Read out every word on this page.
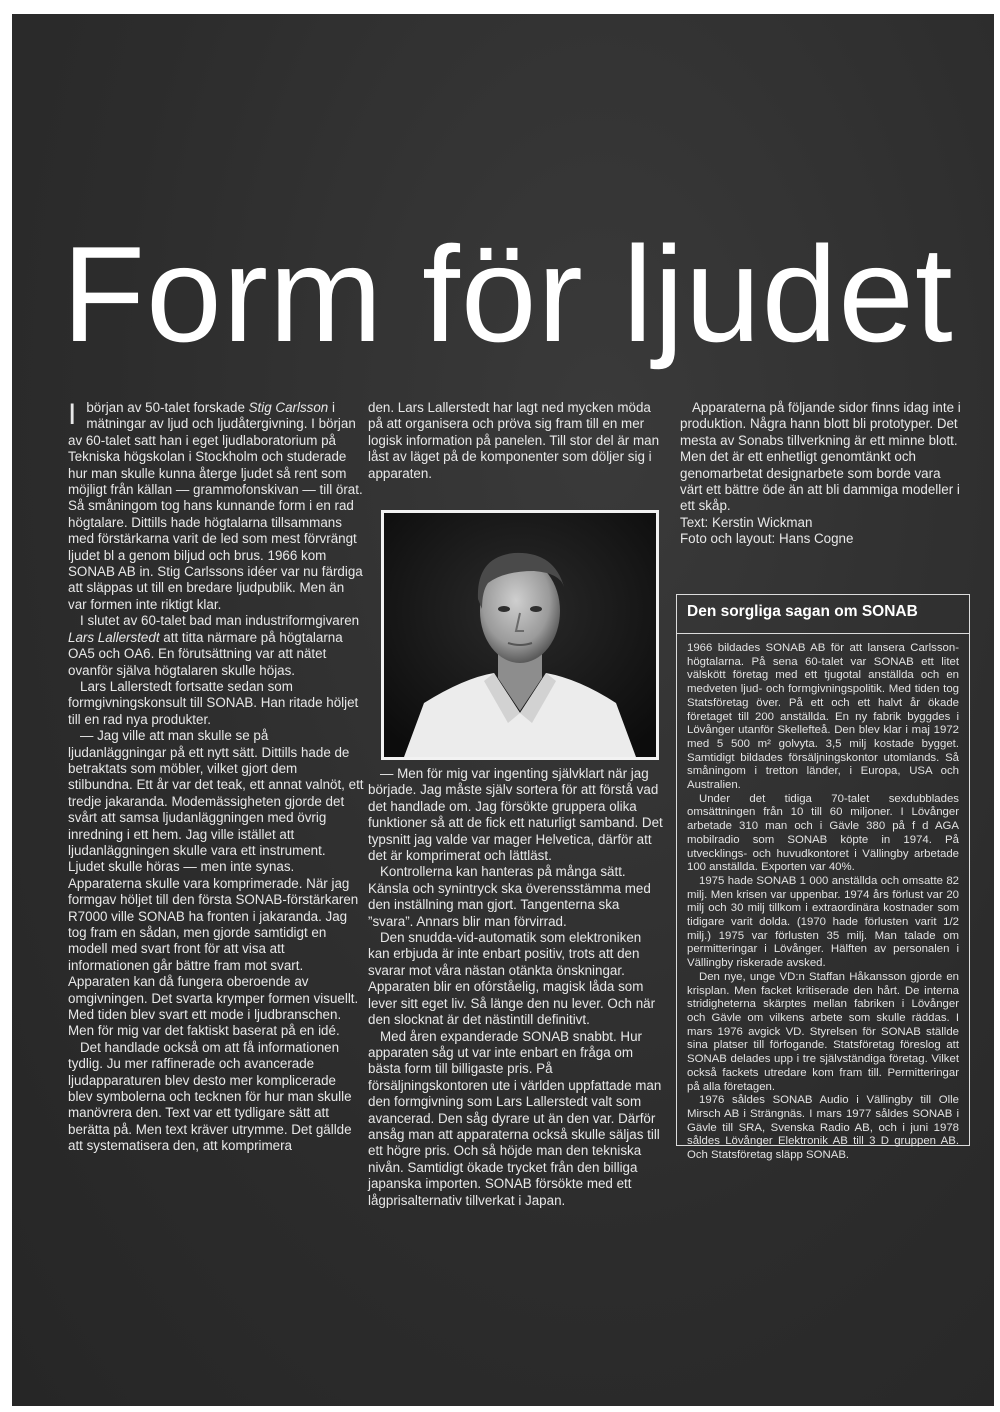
Form för ljudet

I början av 50-talet forskade Stig Carlsson i mätningar av ljud och ljudåtergivning. I början av 60-talet satt han i eget ljudlaboratorium på Tekniska högskolan i Stockholm och studerade hur man skulle kunna återge ljudet så rent som möjligt från källan — grammofonskivan — till örat. Så småningom tog hans kunnande form i en rad högtalare. Dittills hade högtalarna tillsammans med förstärkarna varit de led som mest förvrängt ljudet bl a genom biljud och brus. 1966 kom SONAB AB in. Stig Carlssons idéer var nu färdiga att släppas ut till en bredare ljudpublik. Men än var formen inte riktigt klar.

I slutet av 60-talet bad man industriformgivaren Lars Lallerstedt att titta närmare på högtalarna OA5 och OA6. En förutsättning var att nätet ovanför själva högtalaren skulle höjas.

Lars Lallerstedt fortsatte sedan som formgivningskonsult till SONAB. Han ritade höljet till en rad nya produkter.

— Jag ville att man skulle se på ljudanläggningar på ett nytt sätt. Dittills hade de betraktats som möbler, vilket gjort dem stilbundna. Ett år var det teak, ett annat valnöt, ett tredje jakaranda. Modemässigheten gjorde det svårt att samsa ljudanläggningen med övrig inredning i ett hem. Jag ville istället att ljudanläggningen skulle vara ett instrument. Ljudet skulle höras — men inte synas. Apparaterna skulle vara komprimerade. När jag formgav höljet till den första SONAB-förstärkaren R7000 ville SONAB ha fronten i jakaranda. Jag tog fram en sådan, men gjorde samtidigt en modell med svart front för att visa att informationen går bättre fram mot svart. Apparaten kan då fungera oberoende av omgivningen. Det svarta krymper formen visuellt. Med tiden blev svart ett mode i ljudbranschen. Men för mig var det faktiskt baserat på en idé.

Det handlade också om att få informationen tydlig. Ju mer raffinerade och avancerade ljudapparaturen blev desto mer komplicerade blev symbolerna och tecknen för hur man skulle manövrera den. Text var ett tydligare sätt att berätta på. Men text kräver utrymme. Det gällde att systematisera den, att komprimera

den. Lars Lallerstedt har lagt ned mycken möda på att organisera och pröva sig fram till en mer logisk information på panelen. Till stor del är man låst av läget på de komponenter som döljer sig i apparaten.

— Men för mig var ingenting självklart när jag började. Jag måste själv sortera för att förstå vad det handlade om. Jag försökte gruppera olika funktioner så att de fick ett naturligt samband. Det typsnitt jag valde var mager Helvetica, därför att det är komprimerat och lättläst.

Kontrollerna kan hanteras på många sätt. Känsla och synintryck ska överensstämma med den inställning man gjort. Tangenterna ska ”svara”. Annars blir man förvirrad.

Den snudda-vid-automatik som elektroniken kan erbjuda är inte enbart positiv, trots att den svarar mot våra nästan otänkta önskningar. Apparaten blir en ofórståelig, magisk låda som lever sitt eget liv. Så länge den nu lever. Och när den slocknat är det nästintill definitivt.

Med åren expanderade SONAB snabbt. Hur apparaten såg ut var inte enbart en fråga om bästa form till billigaste pris. På försäljningskontoren ute i världen uppfattade man den formgivning som Lars Lallerstedt valt som avancerad. Den såg dyrare ut än den var. Därför ansåg man att apparaterna också skulle säljas till ett högre pris. Och så höjde man den tekniska nivån. Samtidigt ökade trycket från den billiga japanska importen. SONAB försökte med ett lågprisalternativ tillverkat i Japan.

Apparaterna på följande sidor finns idag inte i produktion. Några hann blott bli prototyper. Det mesta av Sonabs tillverkning är ett minne blott. Men det är ett enhetligt genomtänkt och genomarbetat designarbete som borde vara värt ett bättre öde än att bli dammiga modeller i ett skåp.

Text: Kerstin Wickman

Foto och layout: Hans Cogne

Den sorgliga sagan om SONAB

1966 bildades SONAB AB för att lansera Carlsson-högtalarna. På sena 60-talet var SONAB ett litet välskött företag med ett tjugotal anställda och en medveten ljud- och formgivningspolitik. Med tiden tog Statsföretag över. På ett och ett halvt år ökade företaget till 200 anställda. En ny fabrik byggdes i Lövånger utanför Skellefteå. Den blev klar i maj 1972 med 5 500 m² golvyta. 3,5 milj kostade bygget. Samtidigt bildades försäljningskontor utomlands. Så småningom i tretton länder, i Europa, USA och Australien.

Under det tidiga 70-talet sexdubblades omsättningen från 10 till 60 miljoner. I Lövånger arbetade 310 man och i Gävle 380 på f d AGA mobilradio som SONAB köpte in 1974. På utvecklings- och huvudkontoret i Vällingby arbetade 100 anställda. Exporten var 40%.

1975 hade SONAB 1 000 anställda och omsatte 82 milj. Men krisen var uppenbar. 1974 års förlust var 20 milj och 30 milj tillkom i extraordinära kostnader som tidigare varit dolda. (1970 hade förlusten varit 1/2 milj.) 1975 var förlusten 35 milj. Man talade om permitteringar i Lövånger. Hälften av personalen i Vällingby riskerade avsked.

Den nye, unge VD:n Staffan Håkansson gjorde en krisplan. Men facket kritiserade den hårt. De interna stridigheterna skärptes mellan fabriken i Lövånger och Gävle om vilkens arbete som skulle räddas. I mars 1976 avgick VD. Styrelsen för SONAB ställde sina platser till förfogande. Statsföretag föreslog att SONAB delades upp i tre självständiga företag. Vilket också fackets utredare kom fram till. Permitteringar på alla företagen.

1976 såldes SONAB Audio i Vällingby till Olle Mirsch AB i Strängnäs. I mars 1977 såldes SONAB i Gävle till SRA, Svenska Radio AB, och i juni 1978 såldes Lövånger Elektronik AB till 3 D gruppen AB. Och Statsföretag släpp SONAB.
